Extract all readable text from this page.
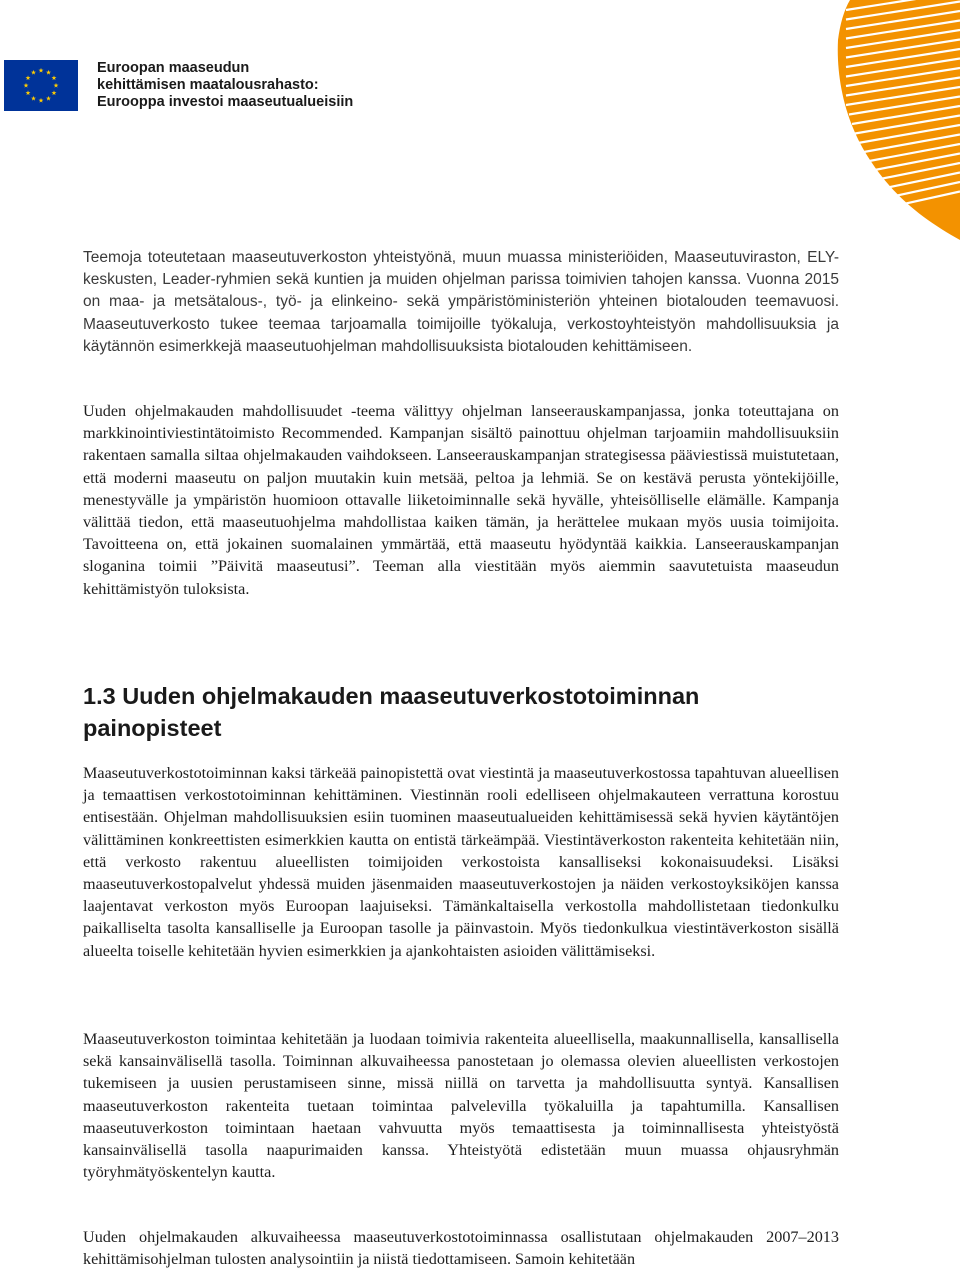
Euroopan maaseudun
kehittämisen maatalousrahasto:
Eurooppa investoi maaseutualueisiin

Teemoja toteutetaan maaseutuverkoston yhteistyönä, muun muassa ministeriöiden, Maaseutuviraston, ELY-keskusten, Leader-ryhmien sekä kuntien ja muiden ohjelman parissa toimivien tahojen kanssa. Vuonna 2015 on maa- ja metsätalous-, työ- ja elinkeino- sekä ympäristöministeriön yhteinen biotalouden teemavuosi. Maaseutuverkosto tukee teemaa tarjoamalla toimijoille työkaluja, verkostoyhteistyön mahdollisuuksia ja käytännön esimerkkejä maaseutuohjelman mahdollisuuksista biotalouden kehittämiseen.

Uuden ohjelmakauden mahdollisuudet -teema välittyy ohjelman lanseerauskampanjassa, jonka toteuttajana on markkinointiviestintätoimisto Recommended. Kampanjan sisältö painottuu ohjelman tarjoamiin mahdollisuuksiin rakentaen samalla siltaa ohjelmakauden vaihdokseen. Lanseerauskampanjan strategisessa pääviestissä muistutetaan, että moderni maaseutu on paljon muutakin kuin metsää, peltoa ja lehmiä. Se on kestävä perusta yöntekijöille, menestyvälle ja ympäristön huomioon ottavalle liiketoiminnalle sekä hyvälle, yhteisölliselle elämälle. Kampanja välittää tiedon, että maaseutuohjelma mahdollistaa kaiken tämän, ja herättelee mukaan myös uusia toimijoita. Tavoitteena on, että jokainen suomalainen ymmärtää, että maaseutu hyödyntää kaikkia. Lanseerauskampanjan sloganina toimii ”Päivitä maaseutusi”. Teeman alla viestitään myös aiemmin saavutetuista maaseudun kehittämistyön tuloksista.

1.3 Uuden ohjelmakauden maaseutuverkostotoiminnan painopisteet

Maaseutuverkostotoiminnan kaksi tärkeää painopistettä ovat viestintä ja maaseutuverkostossa tapahtuvan alueellisen ja temaattisen verkostotoiminnan kehittäminen. Viestinnän rooli edelliseen ohjelmakauteen verrattuna korostuu entisestään. Ohjelman mahdollisuuksien esiin tuominen maaseutualueiden kehittämisessä sekä hyvien käytäntöjen välittäminen konkreettisten esimerkkien kautta on entistä tärkeämpää. Viestintäverkoston rakenteita kehitetään niin, että verkosto rakentuu alueellisten toimijoiden verkostoista kansalliseksi kokonaisuudeksi. Lisäksi maaseutuverkostopalvelut yhdessä muiden jäsenmaiden maaseutuverkostojen ja näiden verkostoyksiköjen kanssa laajentavat verkoston myös Euroopan laajuiseksi. Tämänkaltaisella verkostolla mahdollistetaan tiedonkulku paikalliselta tasolta kansalliselle ja Euroopan tasolle ja päinvastoin. Myös tiedonkulkua viestintäverkoston sisällä alueelta toiselle kehitetään hyvien esimerkkien ja ajankohtaisten asioiden välittämiseksi.

Maaseutuverkoston toimintaa kehitetään ja luodaan toimivia rakenteita alueellisella, maakunnallisella, kansallisella sekä kansainvälisellä tasolla. Toiminnan alkuvaiheessa panostetaan jo olemassa olevien alueellisten verkostojen tukemiseen ja uusien perustamiseen sinne, missä niillä on tarvetta ja mahdollisuutta syntyä. Kansallisen maaseutuverkoston rakenteita tuetaan toimintaa palvelevilla työkaluilla ja tapahtumilla. Kansallisen maaseutuverkoston toimintaan haetaan vahvuutta myös temaattisesta ja toiminnallisesta yhteistyöstä kansainvälisellä tasolla naapurimaiden kanssa. Yhteistyötä edistetään muun muassa ohjausryhmän työryhmätyöskentelyn kautta.

Uuden ohjelmakauden alkuvaiheessa maaseutuverkostotoiminnassa osallistutaan ohjelmakauden 2007–2013 kehittämisohjelman tulosten analysointiin ja niistä tiedottamiseen. Samoin kehitetään
